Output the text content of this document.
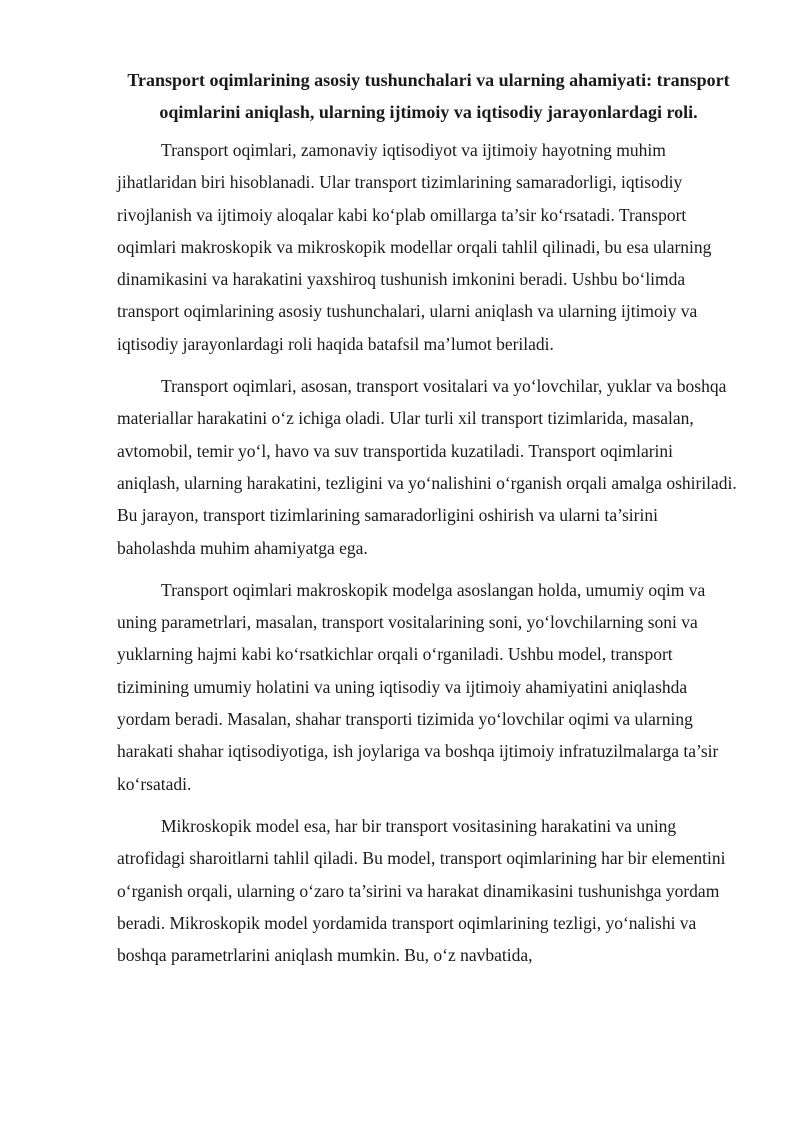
Transport oqimlarining asosiy tushunchalari va ularning ahamiyati: transport oqimlarini aniqlash, ularning ijtimoiy va iqtisodiy jarayonlardagi roli.

Transport oqimlari, zamonaviy iqtisodiyot va ijtimoiy hayotning muhim jihatlaridan biri hisoblanadi. Ular transport tizimlarining samaradorligi, iqtisodiy rivojlanish va ijtimoiy aloqalar kabi koʻplab omillarga ta’sir koʻrsatadi. Transport oqimlari makroskopik va mikroskopik modellar orqali tahlil qilinadi, bu esa ularning dinamikasini va harakatini yaxshiroq tushunish imkonini beradi. Ushbu boʻlimda transport oqimlarining asosiy tushunchalari, ularni aniqlash va ularning ijtimoiy va iqtisodiy jarayonlardagi roli haqida batafsil ma’lumot beriladi.

Transport oqimlari, asosan, transport vositalari va yoʻlovchilar, yuklar va boshqa materiallar harakatini oʻz ichiga oladi. Ular turli xil transport tizimlarida, masalan, avtomobil, temir yoʻl, havo va suv transportida kuzatiladi. Transport oqimlarini aniqlash, ularning harakatini, tezligini va yoʻnalishini oʻrganish orqali amalga oshiriladi. Bu jarayon, transport tizimlarining samaradorligini oshirish va ularni ta’sirini baholashda muhim ahamiyatga ega.

Transport oqimlari makroskopik modelga asoslangan holda, umumiy oqim va uning parametrlari, masalan, transport vositalarining soni, yoʻlovchilarning soni va yuklarning hajmi kabi koʻrsatkichlar orqali oʻrganiladi. Ushbu model, transport tizimining umumiy holatini va uning iqtisodiy va ijtimoiy ahamiyatini aniqlashda yordam beradi. Masalan, shahar transporti tizimida yoʻlovchilar oqimi va ularning harakati shahar iqtisodiyotiga, ish joylariga va boshqa ijtimoiy infratuzilmalarga ta’sir koʻrsatadi.

Mikroskopik model esa, har bir transport vositasining harakatini va uning atrofidagi sharoitlarni tahlil qiladi. Bu model, transport oqimlarining har bir elementini oʻrganish orqali, ularning oʻzaro ta’sirini va harakat dinamikasini tushunishga yordam beradi. Mikroskopik model yordamida transport oqimlarining tezligi, yoʻnalishi va boshqa parametrlarini aniqlash mumkin. Bu, oʻz navbatida,
